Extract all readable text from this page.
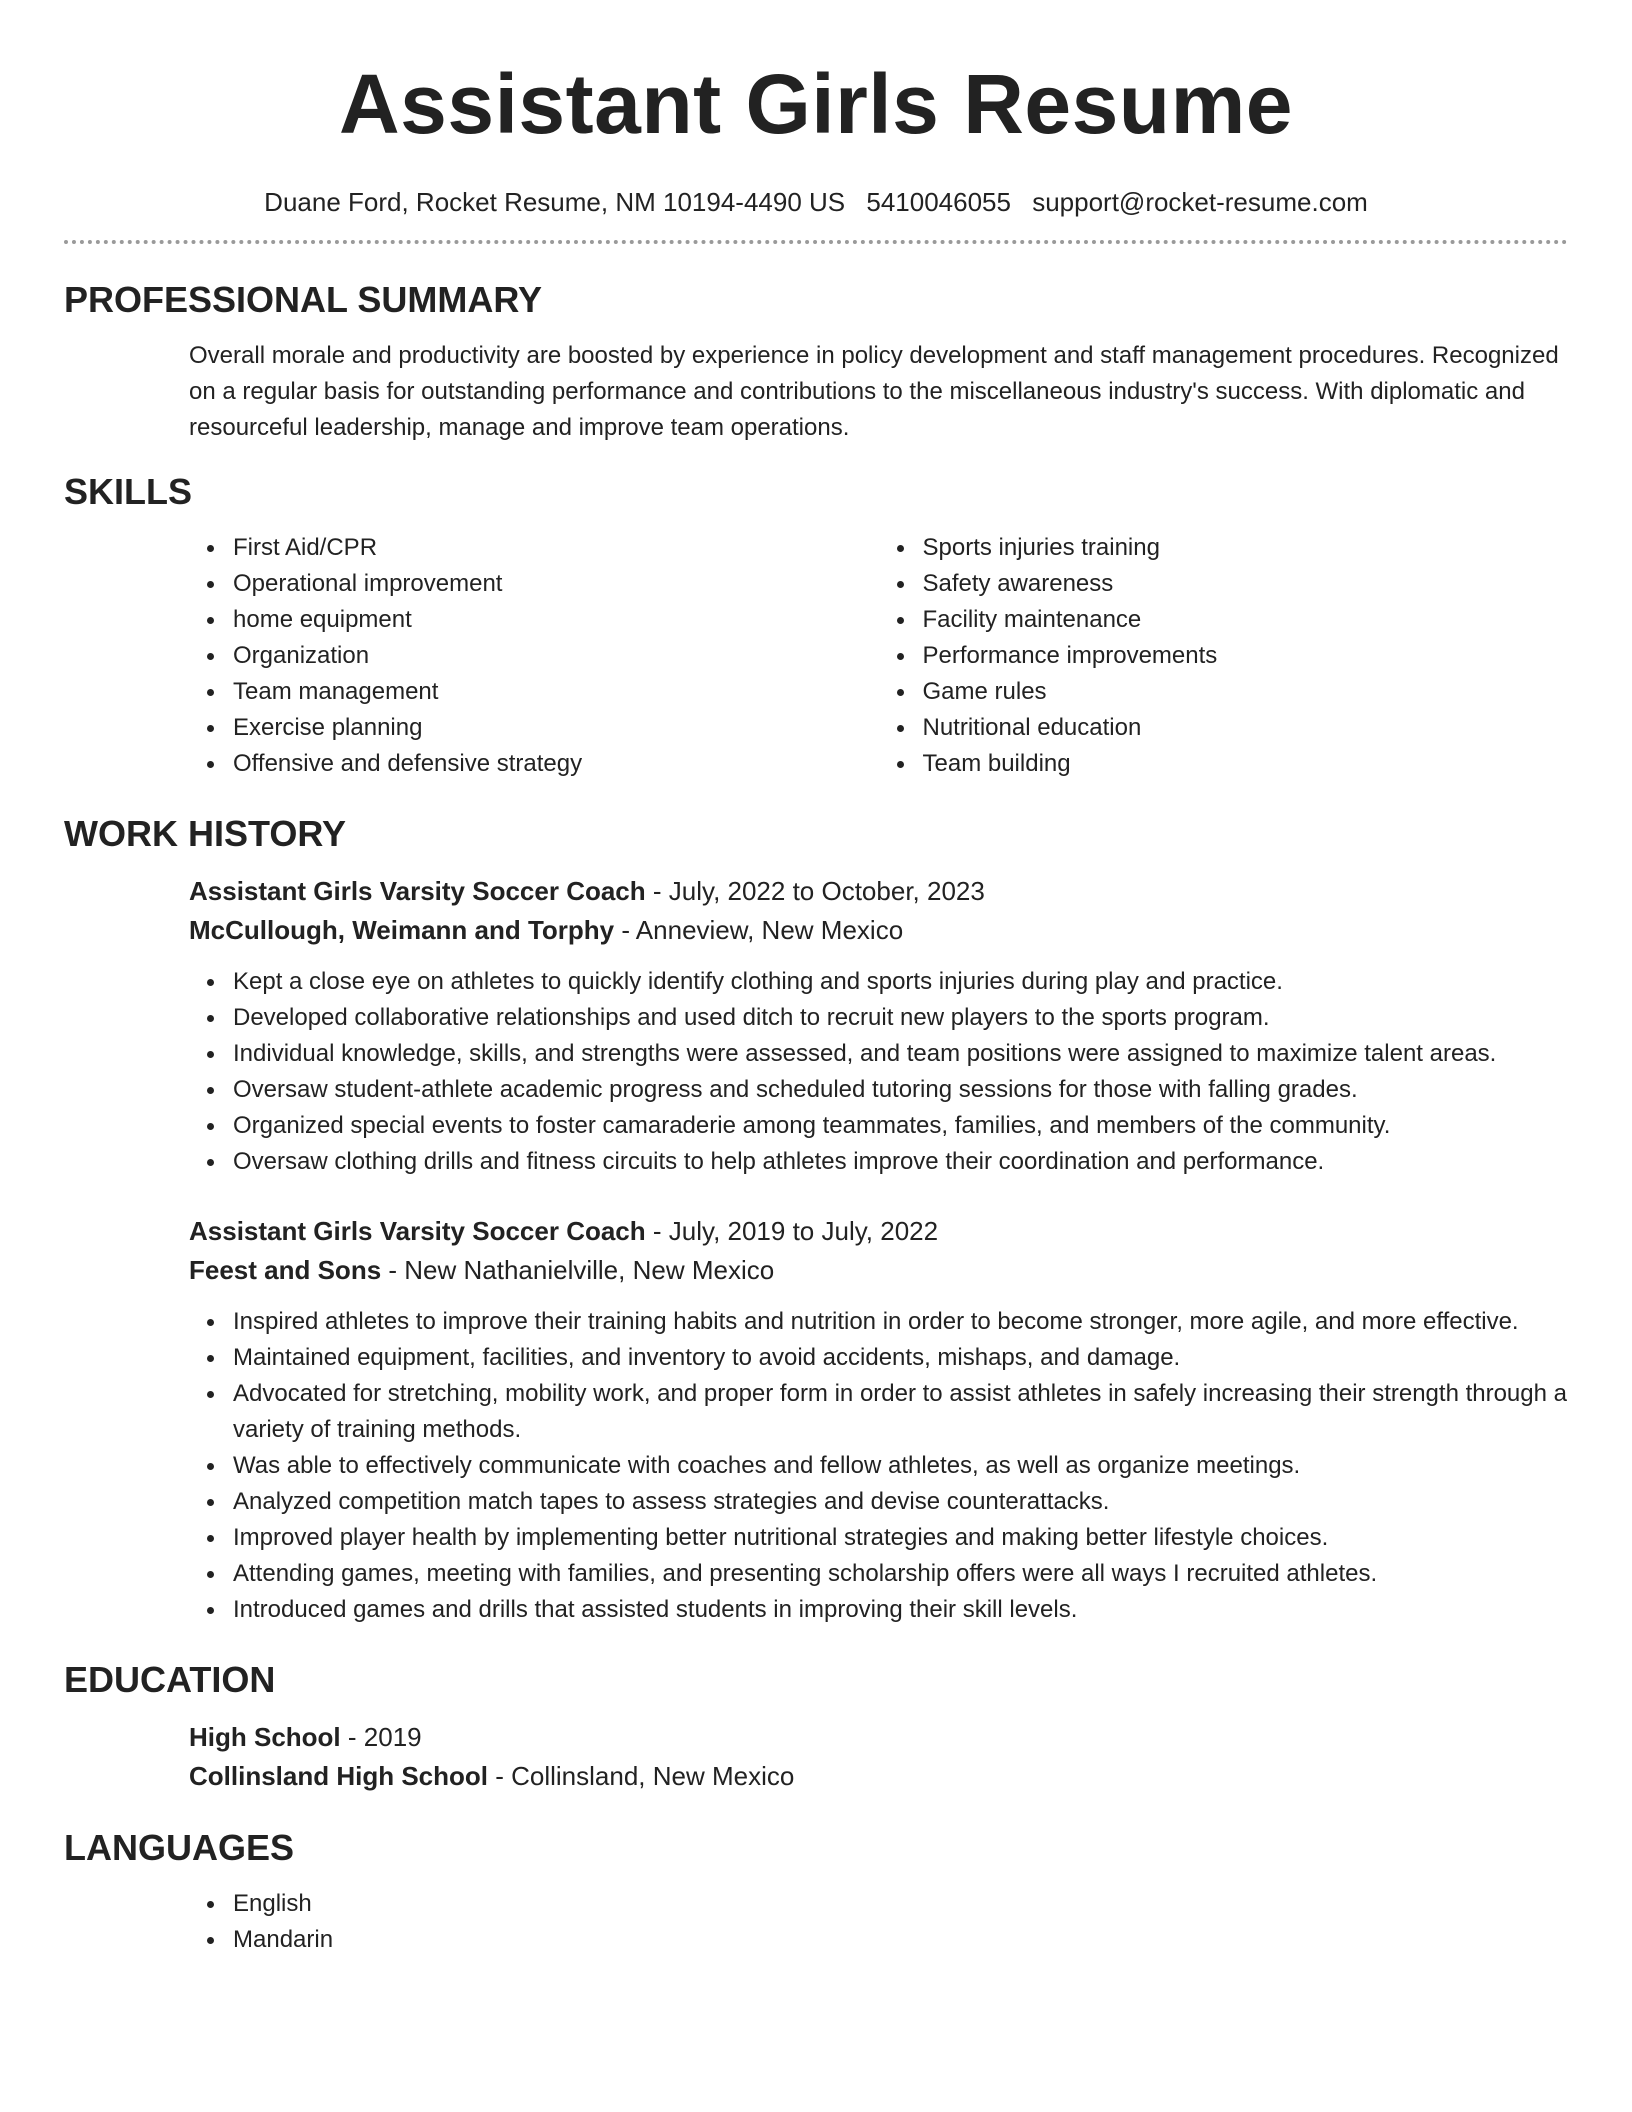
Assistant Girls Resume
Duane Ford, Rocket Resume, NM 10194-4490 US 5410046055 support@rocket-resume.com
PROFESSIONAL SUMMARY

Overall morale and productivity are boosted by experience in policy development and staff management procedures. Recognized on a regular basis for outstanding performance and contributions to the miscellaneous industry's success. With diplomatic and resourceful leadership, manage and improve team operations.

SKILLS
First Aid/CPR
Operational improvement
home equipment
Organization
Team management
Exercise planning
Offensive and defensive strategy
Sports injuries training
Safety awareness
Facility maintenance
Performance improvements
Game rules
Nutritional education
Team building
WORK HISTORY
Assistant Girls Varsity Soccer Coach - July, 2022 to October, 2023
McCullough, Weimann and Torphy - Anneview, New Mexico
Kept a close eye on athletes to quickly identify clothing and sports injuries during play and practice.
Developed collaborative relationships and used ditch to recruit new players to the sports program.
Individual knowledge, skills, and strengths were assessed, and team positions were assigned to maximize talent areas.
Oversaw student-athlete academic progress and scheduled tutoring sessions for those with falling grades.
Organized special events to foster camaraderie among teammates, families, and members of the community.
Oversaw clothing drills and fitness circuits to help athletes improve their coordination and performance.
Assistant Girls Varsity Soccer Coach - July, 2019 to July, 2022
Feest and Sons - New Nathanielville, New Mexico
Inspired athletes to improve their training habits and nutrition in order to become stronger, more agile, and more effective.
Maintained equipment, facilities, and inventory to avoid accidents, mishaps, and damage.
Advocated for stretching, mobility work, and proper form in order to assist athletes in safely increasing their strength through a variety of training methods.
Was able to effectively communicate with coaches and fellow athletes, as well as organize meetings.
Analyzed competition match tapes to assess strategies and devise counterattacks.
Improved player health by implementing better nutritional strategies and making better lifestyle choices.
Attending games, meeting with families, and presenting scholarship offers were all ways I recruited athletes.
Introduced games and drills that assisted students in improving their skill levels.
EDUCATION
High School - 2019
Collinsland High School - Collinsland, New Mexico
LANGUAGES
English
Mandarin
